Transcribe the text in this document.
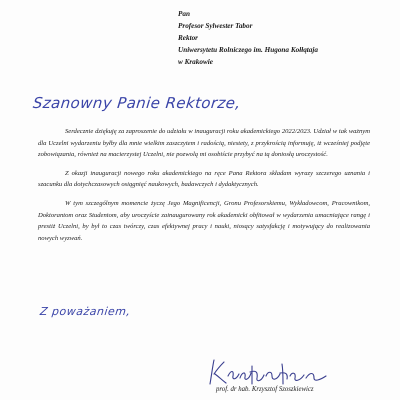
Pan
Profesor Sylwester Tabor
Rektor
Uniwersytetu Rolniczego im. Hugona Kołłątaja
w Krakowie
Szanowny Panie Rektorze,

Serdecznie dziękuję za zaproszenie do udziału w inauguracji roku akademickiego 2022/2023. Udział w tak ważnym dla Uczelni wydarzeniu byłby dla mnie wielkim zaszczytem i radością, niestety, z przykrością informuję, iż wcześniej podjęte zobowiązania, również na macierzystej Uczelni, nie pozwolą mi osobiście przybyć na tą doniosłą uroczystość.

Z okazji inauguracji nowego roku akademickiego na ręce Pana Rektora składam wyrazy szczerego uznania i szacunku dla dotychczasowych osiągnięć naukowych, badawczych i dydaktycznych.

W tym szczególnym momencie życzę Jego Magnificencji, Gronu Profesorskiemu, Wykładowcom, Pracownikom, Doktorantom oraz Studentom, aby uroczyście zainaugurowany rok akademicki obfitował w wydarzenia umacniające rangę i prestiż Uczelni, by był to czas twórczy, czas efektywnej pracy i nauki, niosący satysfakcję i motywujący do realizowania nowych wyzwań.

Z poważaniem,
prof. dr hab. Krzysztof Szoszkiewicz
